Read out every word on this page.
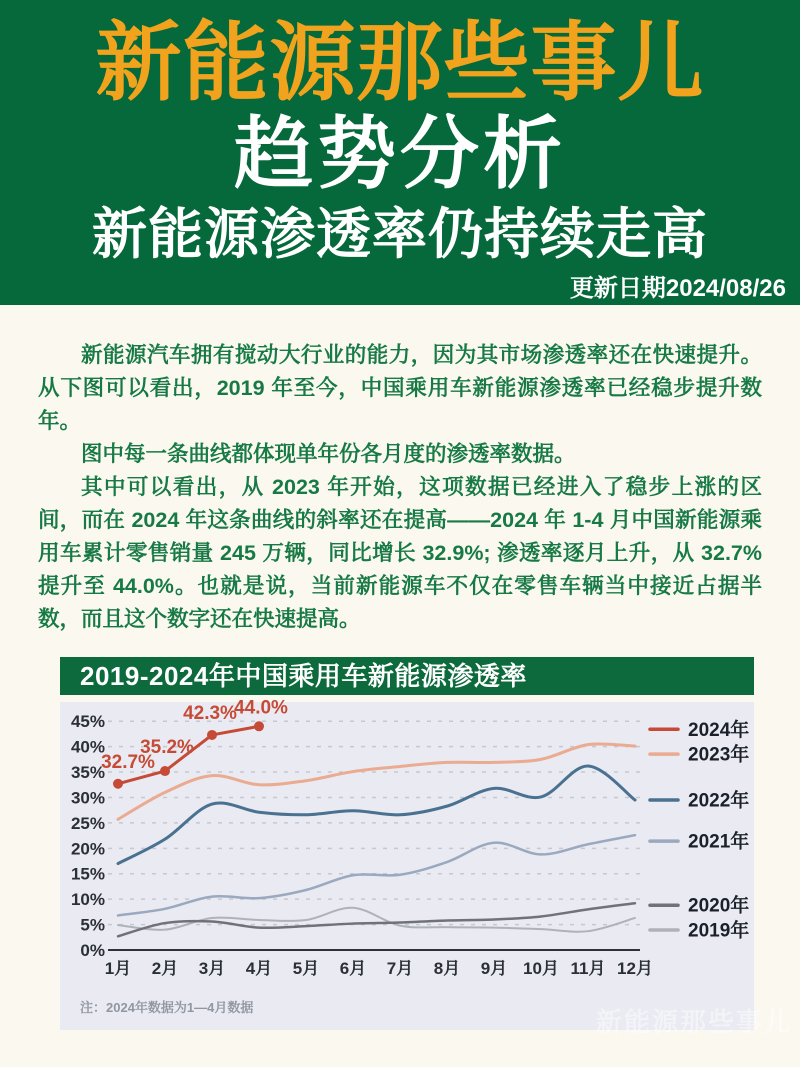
新能源那些事儿
趋势分析
新能源渗透率仍持续走高
更新日期2024/08/26

新能源汽车拥有搅动大行业的能力，因为其市场渗透率还在快速提升。从下图可以看出，2019 年至今，中国乘用车新能源渗透率已经稳步提升数年。

图中每一条曲线都体现单年份各月度的渗透率数据。

其中可以看出，从 2023 年开始，这项数据已经进入了稳步上涨的区间，而在 2024 年这条曲线的斜率还在提高——2024 年 1-4 月中国新能源乘用车累计零售销量 245 万辆，同比增长 32.9%; 渗透率逐月上升，从 32.7% 提升至 44.0%。也就是说，当前新能源车不仅在零售车辆当中接近占据半数，而且这个数字还在快速提高。

2019-2024年中国乘用车新能源渗透率
45%
40%
35%
30%
25%
20%
15%
10%
5%
0%
1月 2月 3月 4月 5月 6月 7月 8月 9月 10月 11月 12月
32.7%
35.2%
42.3%
44.0%
2024年
2023年
2022年
2021年
2020年
2019年
注：2024年数据为1—4月数据	新能源那些事儿
